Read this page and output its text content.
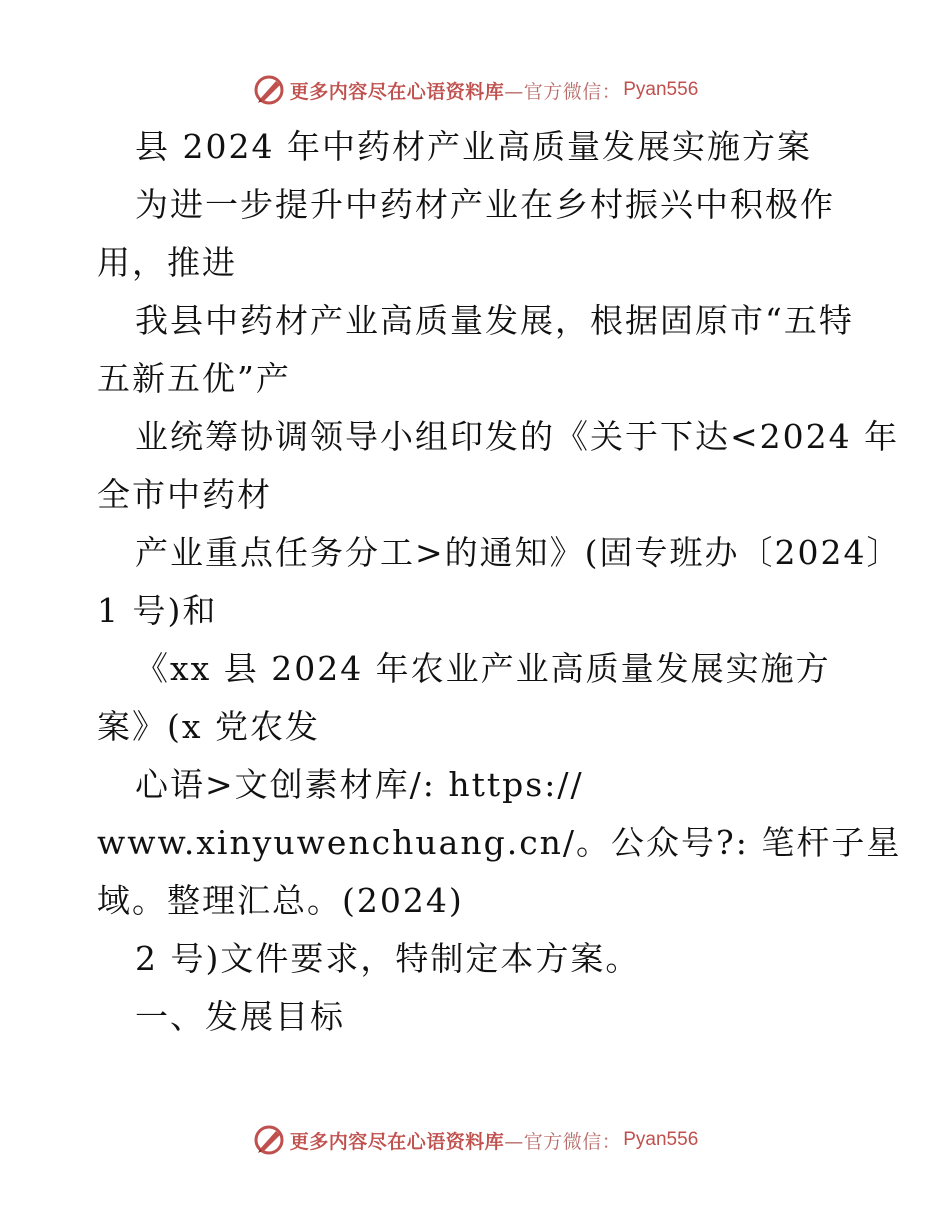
更多内容尽在心语资料库—官方微信： Pyan556
县 2024 年中药材产业高质量发展实施方案
为进一步提升中药材产业在乡村振兴中积极作
用，推进
我县中药材产业高质量发展，根据固原市“五特
五新五优”产
业统筹协调领导小组印发的《关于下达<2024 年
全市中药材
产业重点任务分工>的通知》(固专班办〔2024〕
1 号)和
《xx 县 2024 年农业产业高质量发展实施方
案》(x 党农发
心语>文创素材库/: https://
www.xinyuwenchuang.cn/。公众号?: 笔杆子星
域。整理汇总。(2024)
2 号)文件要求，特制定本方案。
一、发展目标
更多内容尽在心语资料库—官方微信： Pyan556
